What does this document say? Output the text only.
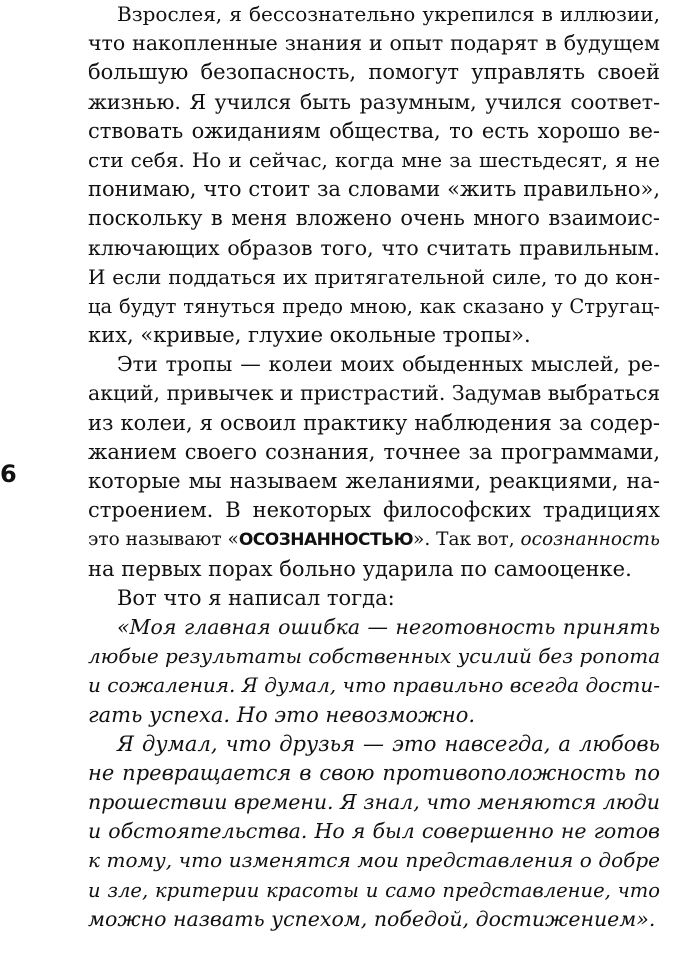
6
Взрослея, я бессознательно укрепился в иллюзии,
что накопленные знания и опыт подарят в будущем
большую безопасность, помогут управлять своей
жизнью. Я учился быть разумным, учился соответ-
ствовать ожиданиям общества, то есть хорошо ве-
сти себя. Но и сейчас, когда мне за шестьдесят, я не
понимаю, что стоит за словами «жить правильно»,
поскольку в меня вложено очень много взаимоис-
ключающих образов того, что считать правильным.
И если поддаться их притягательной силе, то до кон-
ца будут тянуться предо мною, как сказано у Стругац-
ких, «кривые, глухие окольные тропы».
Эти тропы — колеи моих обыденных мыслей, ре-
акций, привычек и пристрастий. Задумав выбраться
из колеи, я освоил практику наблюдения за содер-
жанием своего сознания, точнее за программами,
которые мы называем желаниями, реакциями, на-
строением. В некоторых философских традициях
это называют «ОСОЗНАННОСТЬЮ». Так вот, осознанность
на первых порах больно ударила по самооценке.
Вот что я написал тогда:
«Моя главная ошибка — неготовность принять
любые результаты собственных усилий без ропота
и сожаления. Я думал, что правильно всегда дости-
гать успеха. Но это невозможно.
Я думал, что друзья — это навсегда, а любовь
не превращается в свою противоположность по
прошествии времени. Я знал, что меняются люди
и обстоятельства. Но я был совершенно не готов
к тому, что изменятся мои представления о добре
и зле, критерии красоты и само представление, что
можно назвать успехом, победой, достижением».
